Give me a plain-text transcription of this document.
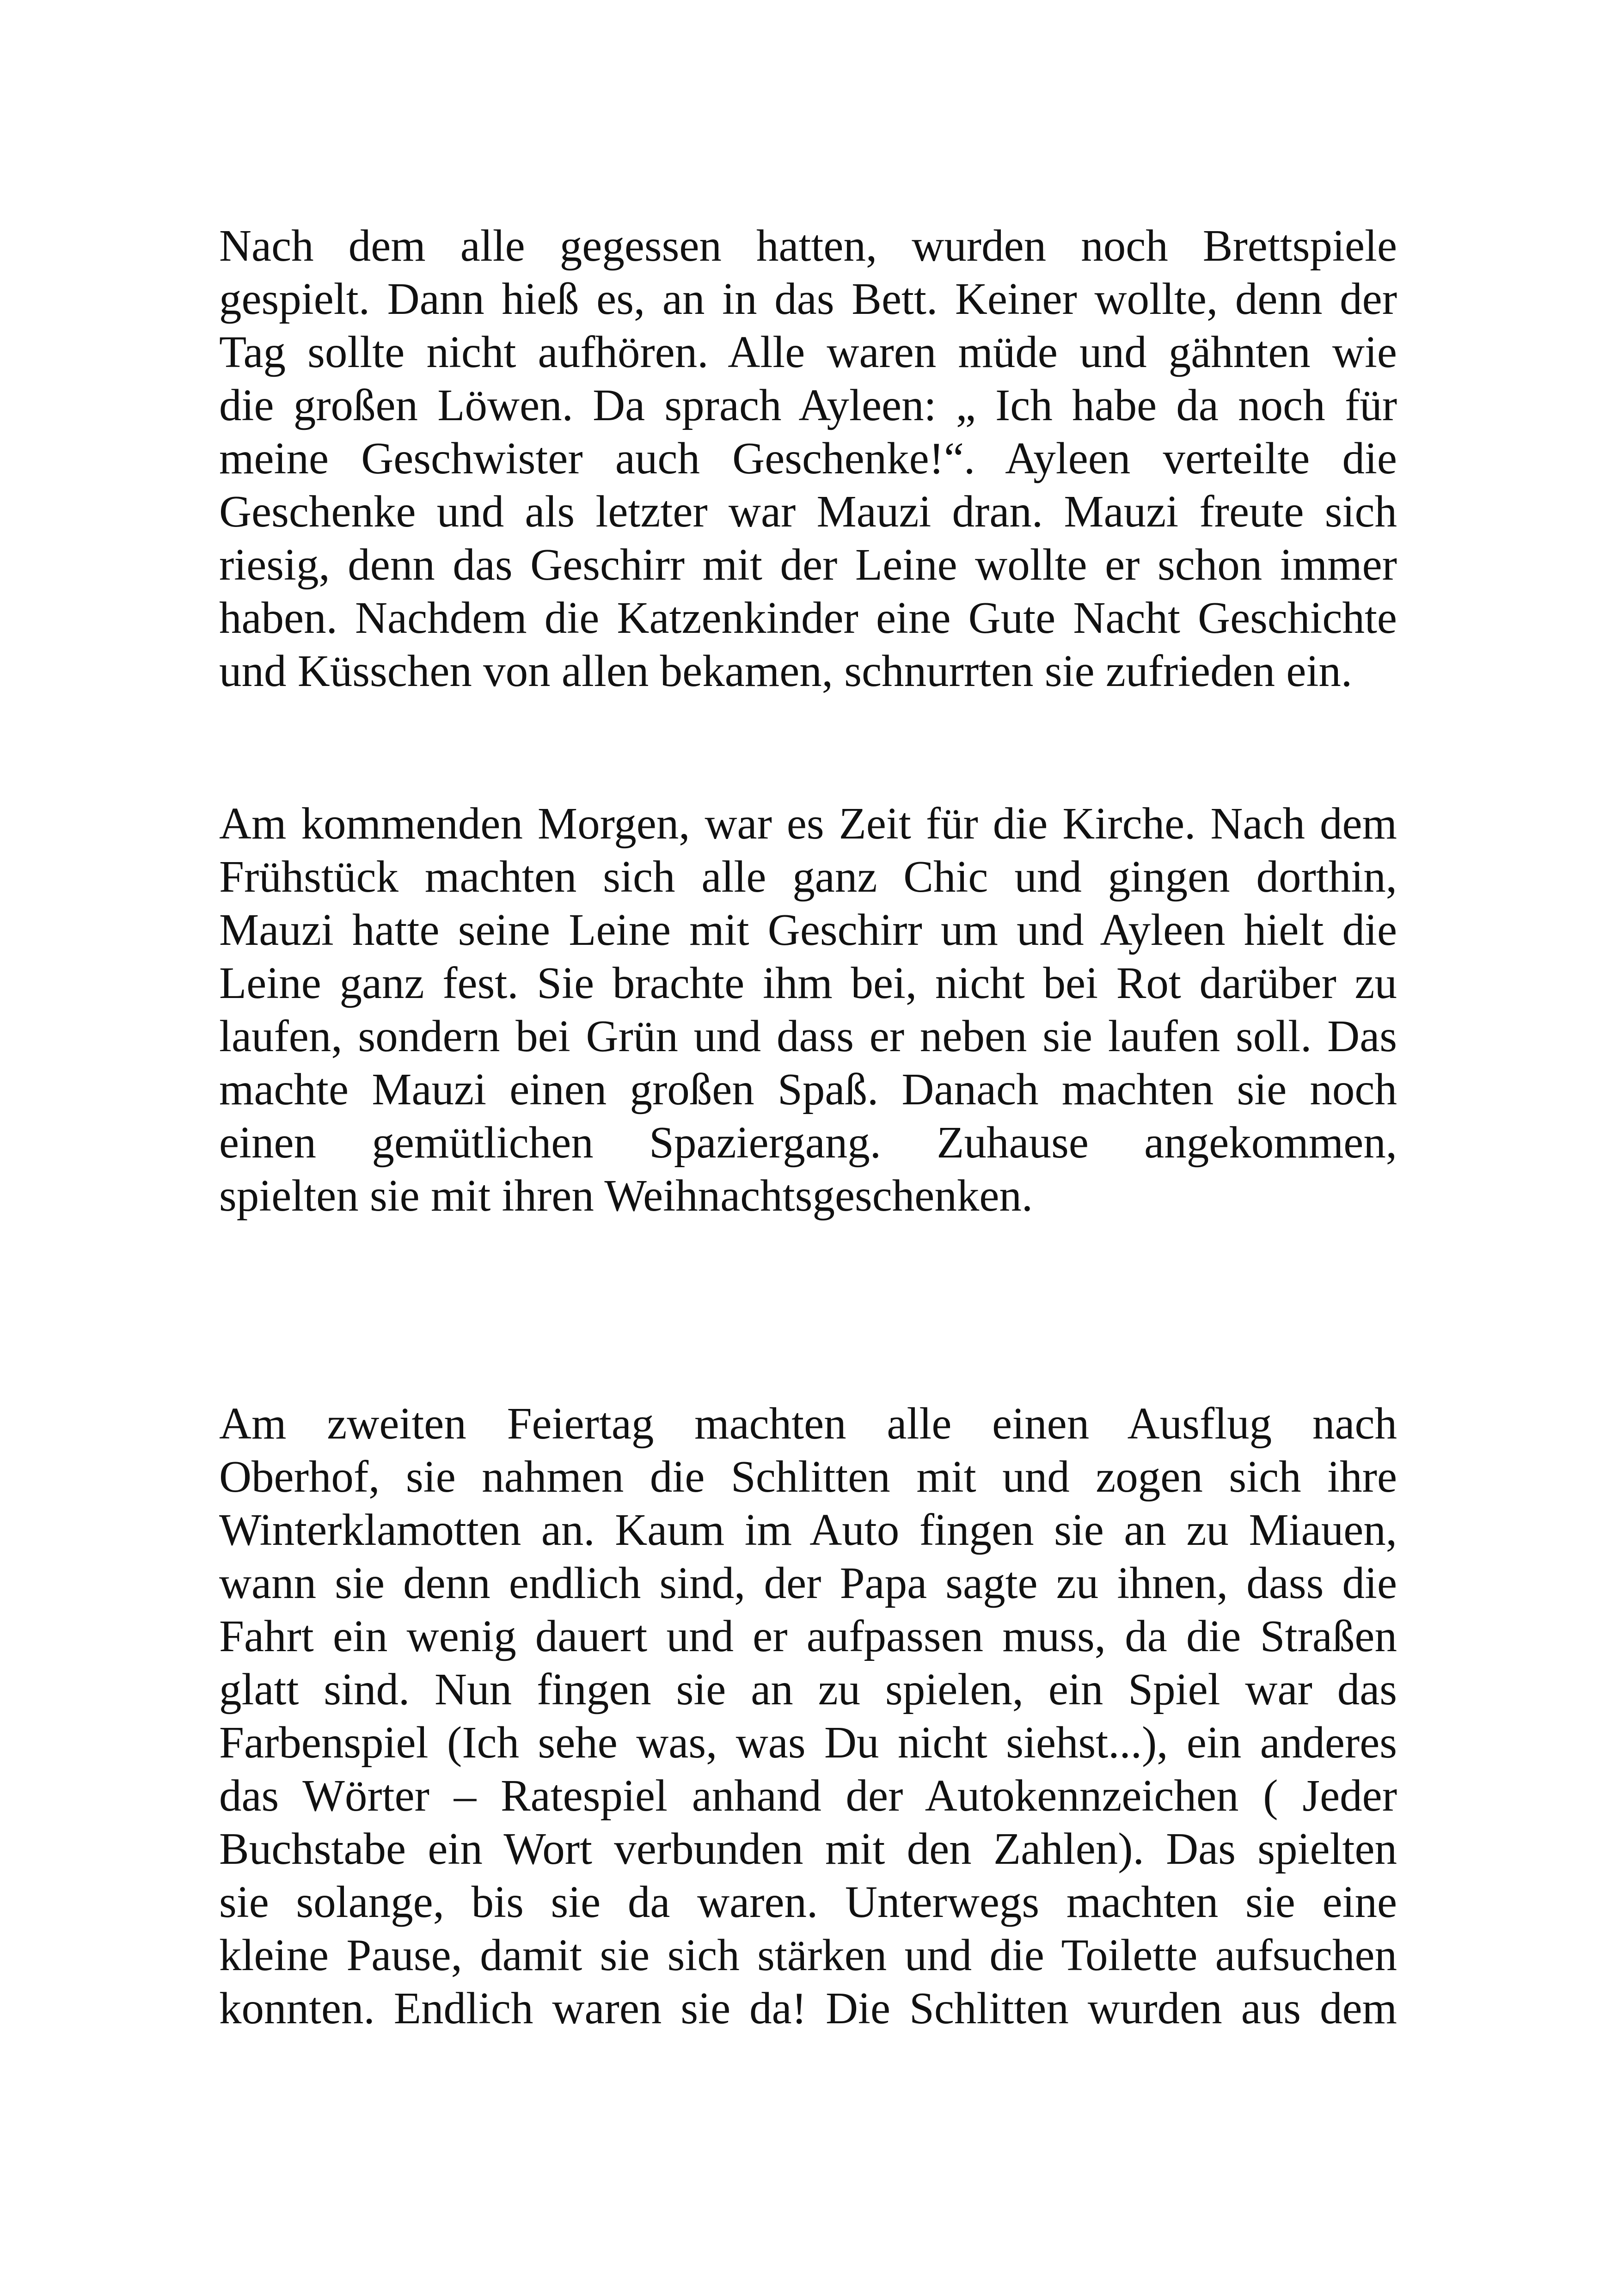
Nach dem alle gegessen hatten, wurden noch Brettspiele
gespielt. Dann hieß es, an in das Bett. Keiner wollte, denn der
Tag sollte nicht aufhören. Alle waren müde und gähnten wie
die großen Löwen. Da sprach Ayleen: „ Ich habe da noch für
meine Geschwister auch Geschenke!“. Ayleen verteilte die
Geschenke und als letzter war Mauzi dran. Mauzi freute sich
riesig, denn das Geschirr mit der Leine wollte er schon immer
haben. Nachdem die Katzenkinder eine Gute Nacht Geschichte
und Küsschen von allen bekamen, schnurrten sie zufrieden ein.
Am kommenden Morgen, war es Zeit für die Kirche. Nach dem
Frühstück machten sich alle ganz Chic und gingen dorthin,
Mauzi hatte seine Leine mit Geschirr um und Ayleen hielt die
Leine ganz fest. Sie brachte ihm bei, nicht bei Rot darüber zu
laufen, sondern bei Grün und dass er neben sie laufen soll. Das
machte Mauzi einen großen Spaß. Danach machten sie noch
einen gemütlichen Spaziergang. Zuhause angekommen,
spielten sie mit ihren Weihnachtsgeschenken.
Am zweiten Feiertag machten alle einen Ausflug nach
Oberhof, sie nahmen die Schlitten mit und zogen sich ihre
Winterklamotten an. Kaum im Auto fingen sie an zu Miauen,
wann sie denn endlich sind, der Papa sagte zu ihnen, dass die
Fahrt ein wenig dauert und er aufpassen muss, da die Straßen
glatt sind. Nun fingen sie an zu spielen, ein Spiel war das
Farbenspiel (Ich sehe was, was Du nicht siehst...), ein anderes
das Wörter – Ratespiel anhand der Autokennzeichen ( Jeder
Buchstabe ein Wort verbunden mit den Zahlen). Das spielten
sie solange, bis sie da waren. Unterwegs machten sie eine
kleine Pause, damit sie sich stärken und die Toilette aufsuchen
konnten. Endlich waren sie da! Die Schlitten wurden aus dem
